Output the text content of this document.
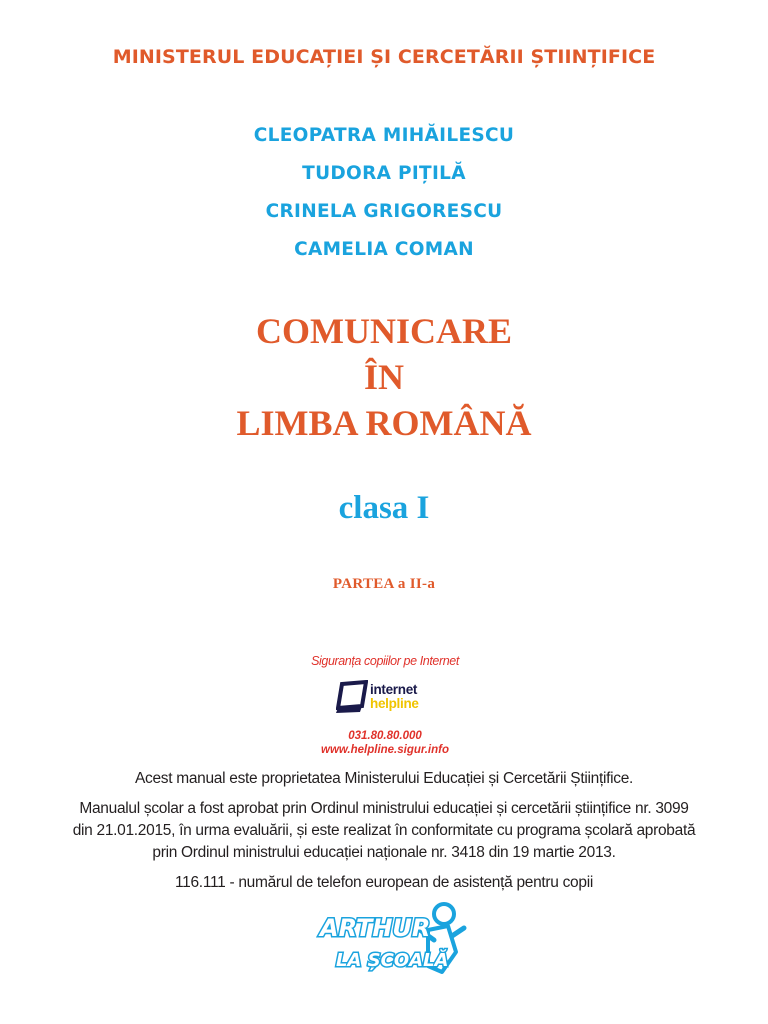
MINISTERUL EDUCAȚIEI ȘI CERCETĂRII ȘTIINȚIFICE
CLEOPATRA MIHĂILESCU
TUDORA PIȚILĂ
CRINELA GRIGORESCU
CAMELIA COMAN
COMUNICARE
ÎN
LIMBA ROMÂNĂ
clasa I
PARTEA a II-a
Siguranța copiilor pe Internet
internet
helpline
031.80.80.000
www.helpline.sigur.info
Acest manual este proprietatea Ministerului Educației și Cercetării Științifice.
Manualul școlar a fost aprobat prin Ordinul ministrului educației și cercetării științifice nr. 3099
din 21.01.2015, în urma evaluării, și este realizat în conformitate cu programa școlară aprobată
prin Ordinul ministrului educației naționale nr. 3418 din 19 martie 2013.
116.111 - numărul de telefon european de asistență pentru copii
ARTHUR
LA ȘCOALĂ
